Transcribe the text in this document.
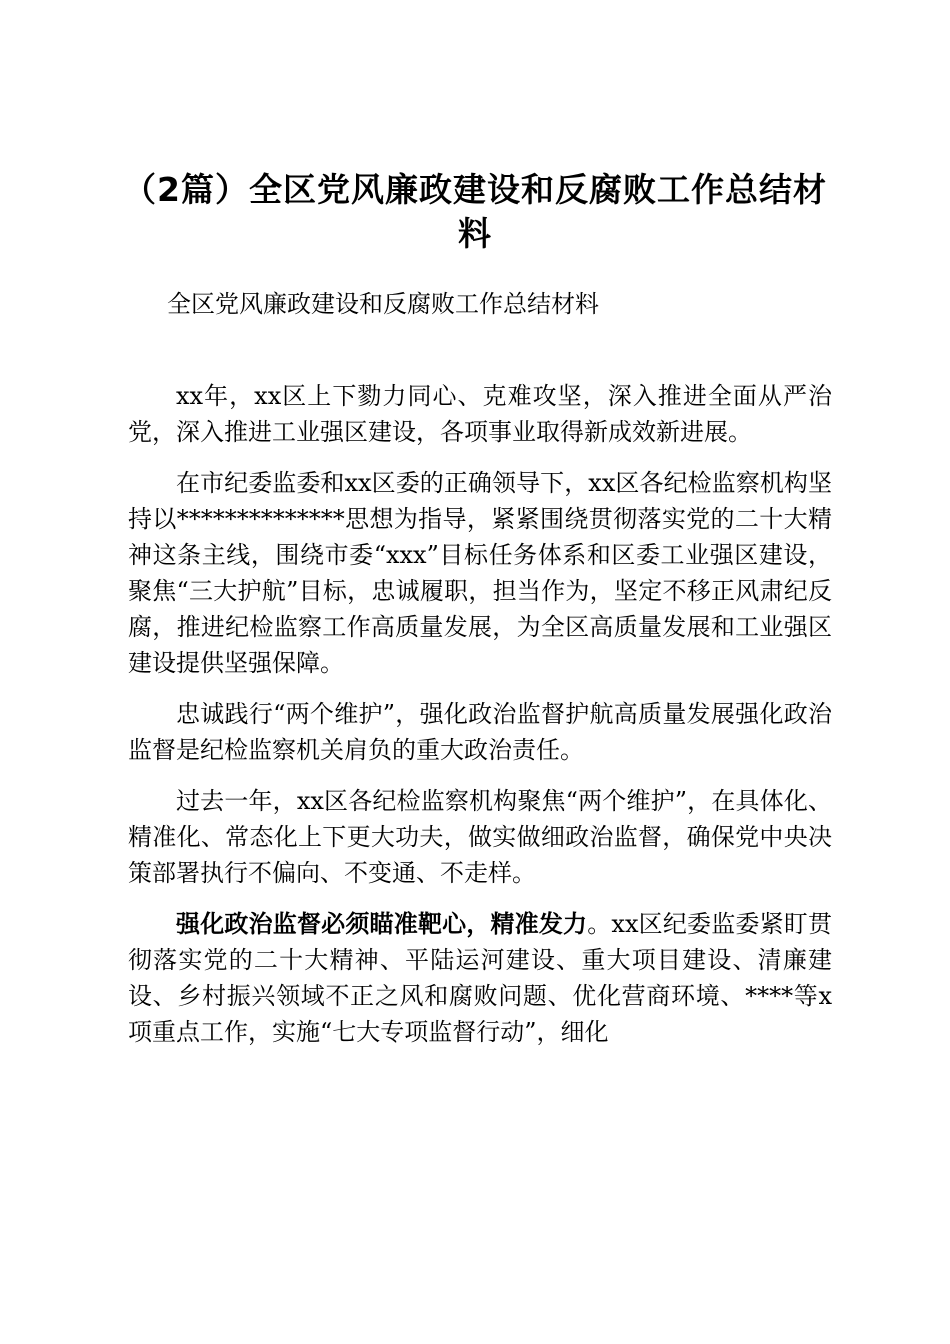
（2篇）全区党风廉政建设和反腐败工作总结材料

全区党风廉政建设和反腐败工作总结材料

xx年，xx区上下勠力同心、克难攻坚，深入推进全面从严治党，深入推进工业强区建设，各项事业取得新成效新进展。

在市纪委监委和xx区委的正确领导下，xx区各纪检监察机构坚持以**************思想为指导，紧紧围绕贯彻落实党的二十大精神这条主线，围绕市委“xxx”目标任务体系和区委工业强区建设，聚焦“三大护航”目标，忠诚履职，担当作为，坚定不移正风肃纪反腐，推进纪检监察工作高质量发展，为全区高质量发展和工业强区建设提供坚强保障。

忠诚践行“两个维护”，强化政治监督护航高质量发展强化政治监督是纪检监察机关肩负的重大政治责任。

过去一年，xx区各纪检监察机构聚焦“两个维护”，在具体化、精准化、常态化上下更大功夫，做实做细政治监督，确保党中央决策部署执行不偏向、不变通、不走样。

强化政治监督必须瞄准靶心，精准发力。xx区纪委监委紧盯贯彻落实党的二十大精神、平陆运河建设、重大项目建设、清廉建设、乡村振兴领域不正之风和腐败问题、优化营商环境、****等x项重点工作，实施“七大专项监督行动”，细化
